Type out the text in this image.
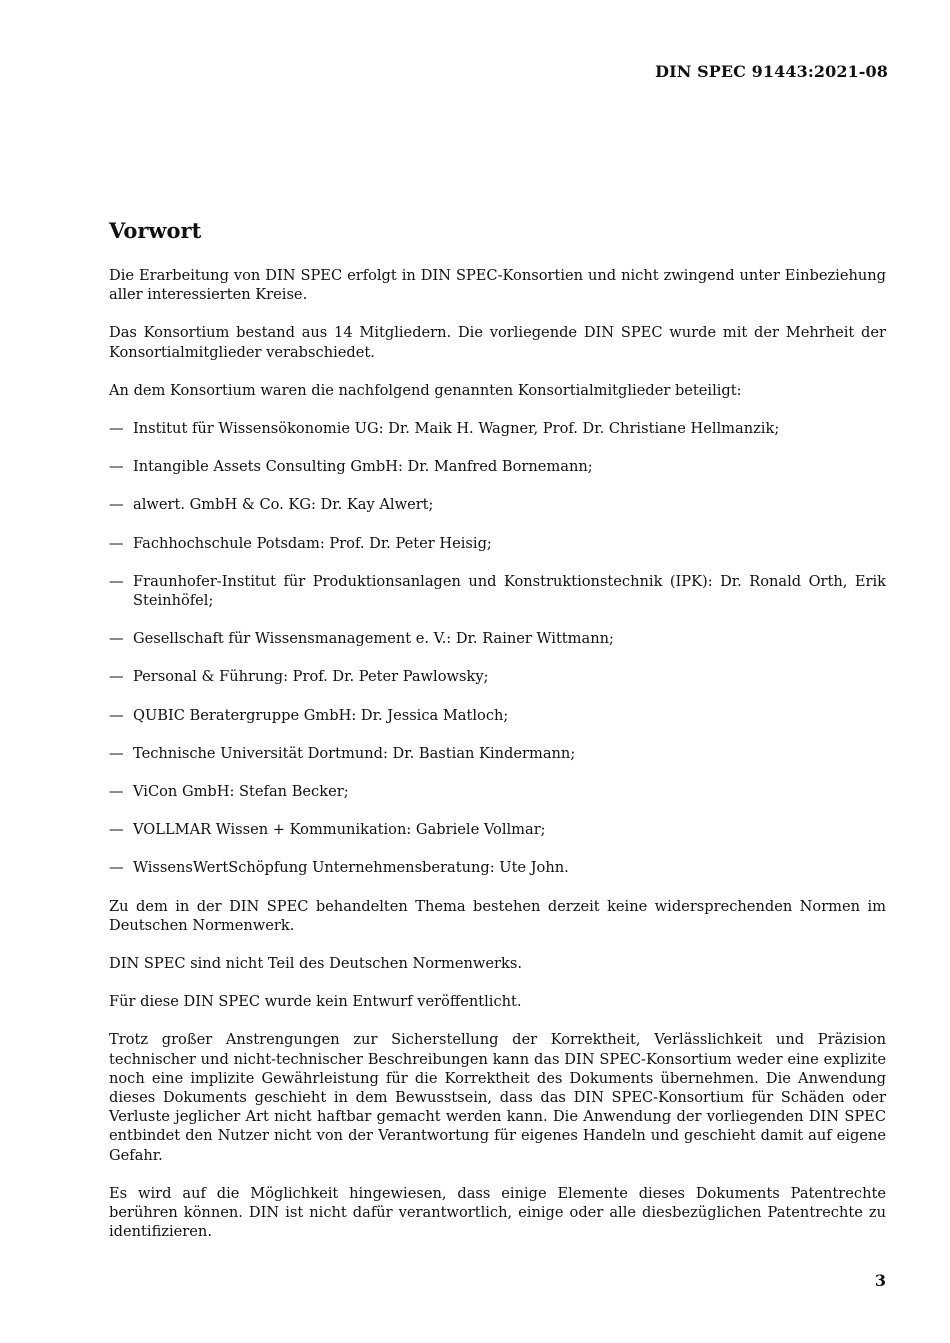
DIN SPEC 91443:2021-08
Vorwort

Die Erarbeitung von DIN SPEC erfolgt in DIN SPEC-Konsortien und nicht zwingend unter Einbeziehung aller interessierten Kreise.

Das Konsortium bestand aus 14 Mitgliedern. Die vorliegende DIN SPEC wurde mit der Mehrheit der Konsortialmitglieder verabschiedet.

An dem Konsortium waren die nachfolgend genannten Konsortialmitglieder beteiligt:

— Institut für Wissensökonomie UG: Dr. Maik H. Wagner, Prof. Dr. Christiane Hellmanzik;
— Intangible Assets Consulting GmbH: Dr. Manfred Bornemann;
— alwert. GmbH & Co. KG: Dr. Kay Alwert;
— Fachhochschule Potsdam: Prof. Dr. Peter Heisig;
— Fraunhofer-Institut für Produktionsanlagen und Konstruktionstechnik (IPK): Dr. Ronald Orth, Erik Steinhöfel;
— Gesellschaft für Wissensmanagement e. V.: Dr. Rainer Wittmann;
— Personal & Führung: Prof. Dr. Peter Pawlowsky;
— QUBIC Beratergruppe GmbH: Dr. Jessica Matloch;
— Technische Universität Dortmund: Dr. Bastian Kindermann;
— ViCon GmbH: Stefan Becker;
— VOLLMAR Wissen + Kommunikation: Gabriele Vollmar;
— WissensWertSchöpfung Unternehmensberatung: Ute John.

Zu dem in der DIN SPEC behandelten Thema bestehen derzeit keine widersprechenden Normen im Deutschen Normenwerk.

DIN SPEC sind nicht Teil des Deutschen Normenwerks.

Für diese DIN SPEC wurde kein Entwurf veröffentlicht.

Trotz großer Anstrengungen zur Sicherstellung der Korrektheit, Verlässlichkeit und Präzision technischer und nicht-technischer Beschreibungen kann das DIN SPEC-Konsortium weder eine explizite noch eine implizite Gewährleistung für die Korrektheit des Dokuments übernehmen. Die Anwendung dieses Dokuments geschieht in dem Bewusstsein, dass das DIN SPEC-Konsortium für Schäden oder Verluste jeglicher Art nicht haftbar gemacht werden kann. Die Anwendung der vorliegenden DIN SPEC entbindet den Nutzer nicht von der Verantwortung für eigenes Handeln und geschieht damit auf eigene Gefahr.

Es wird auf die Möglichkeit hingewiesen, dass einige Elemente dieses Dokuments Patentrechte berühren können. DIN ist nicht dafür verantwortlich, einige oder alle diesbezüglichen Patentrechte zu identifizieren.

3
